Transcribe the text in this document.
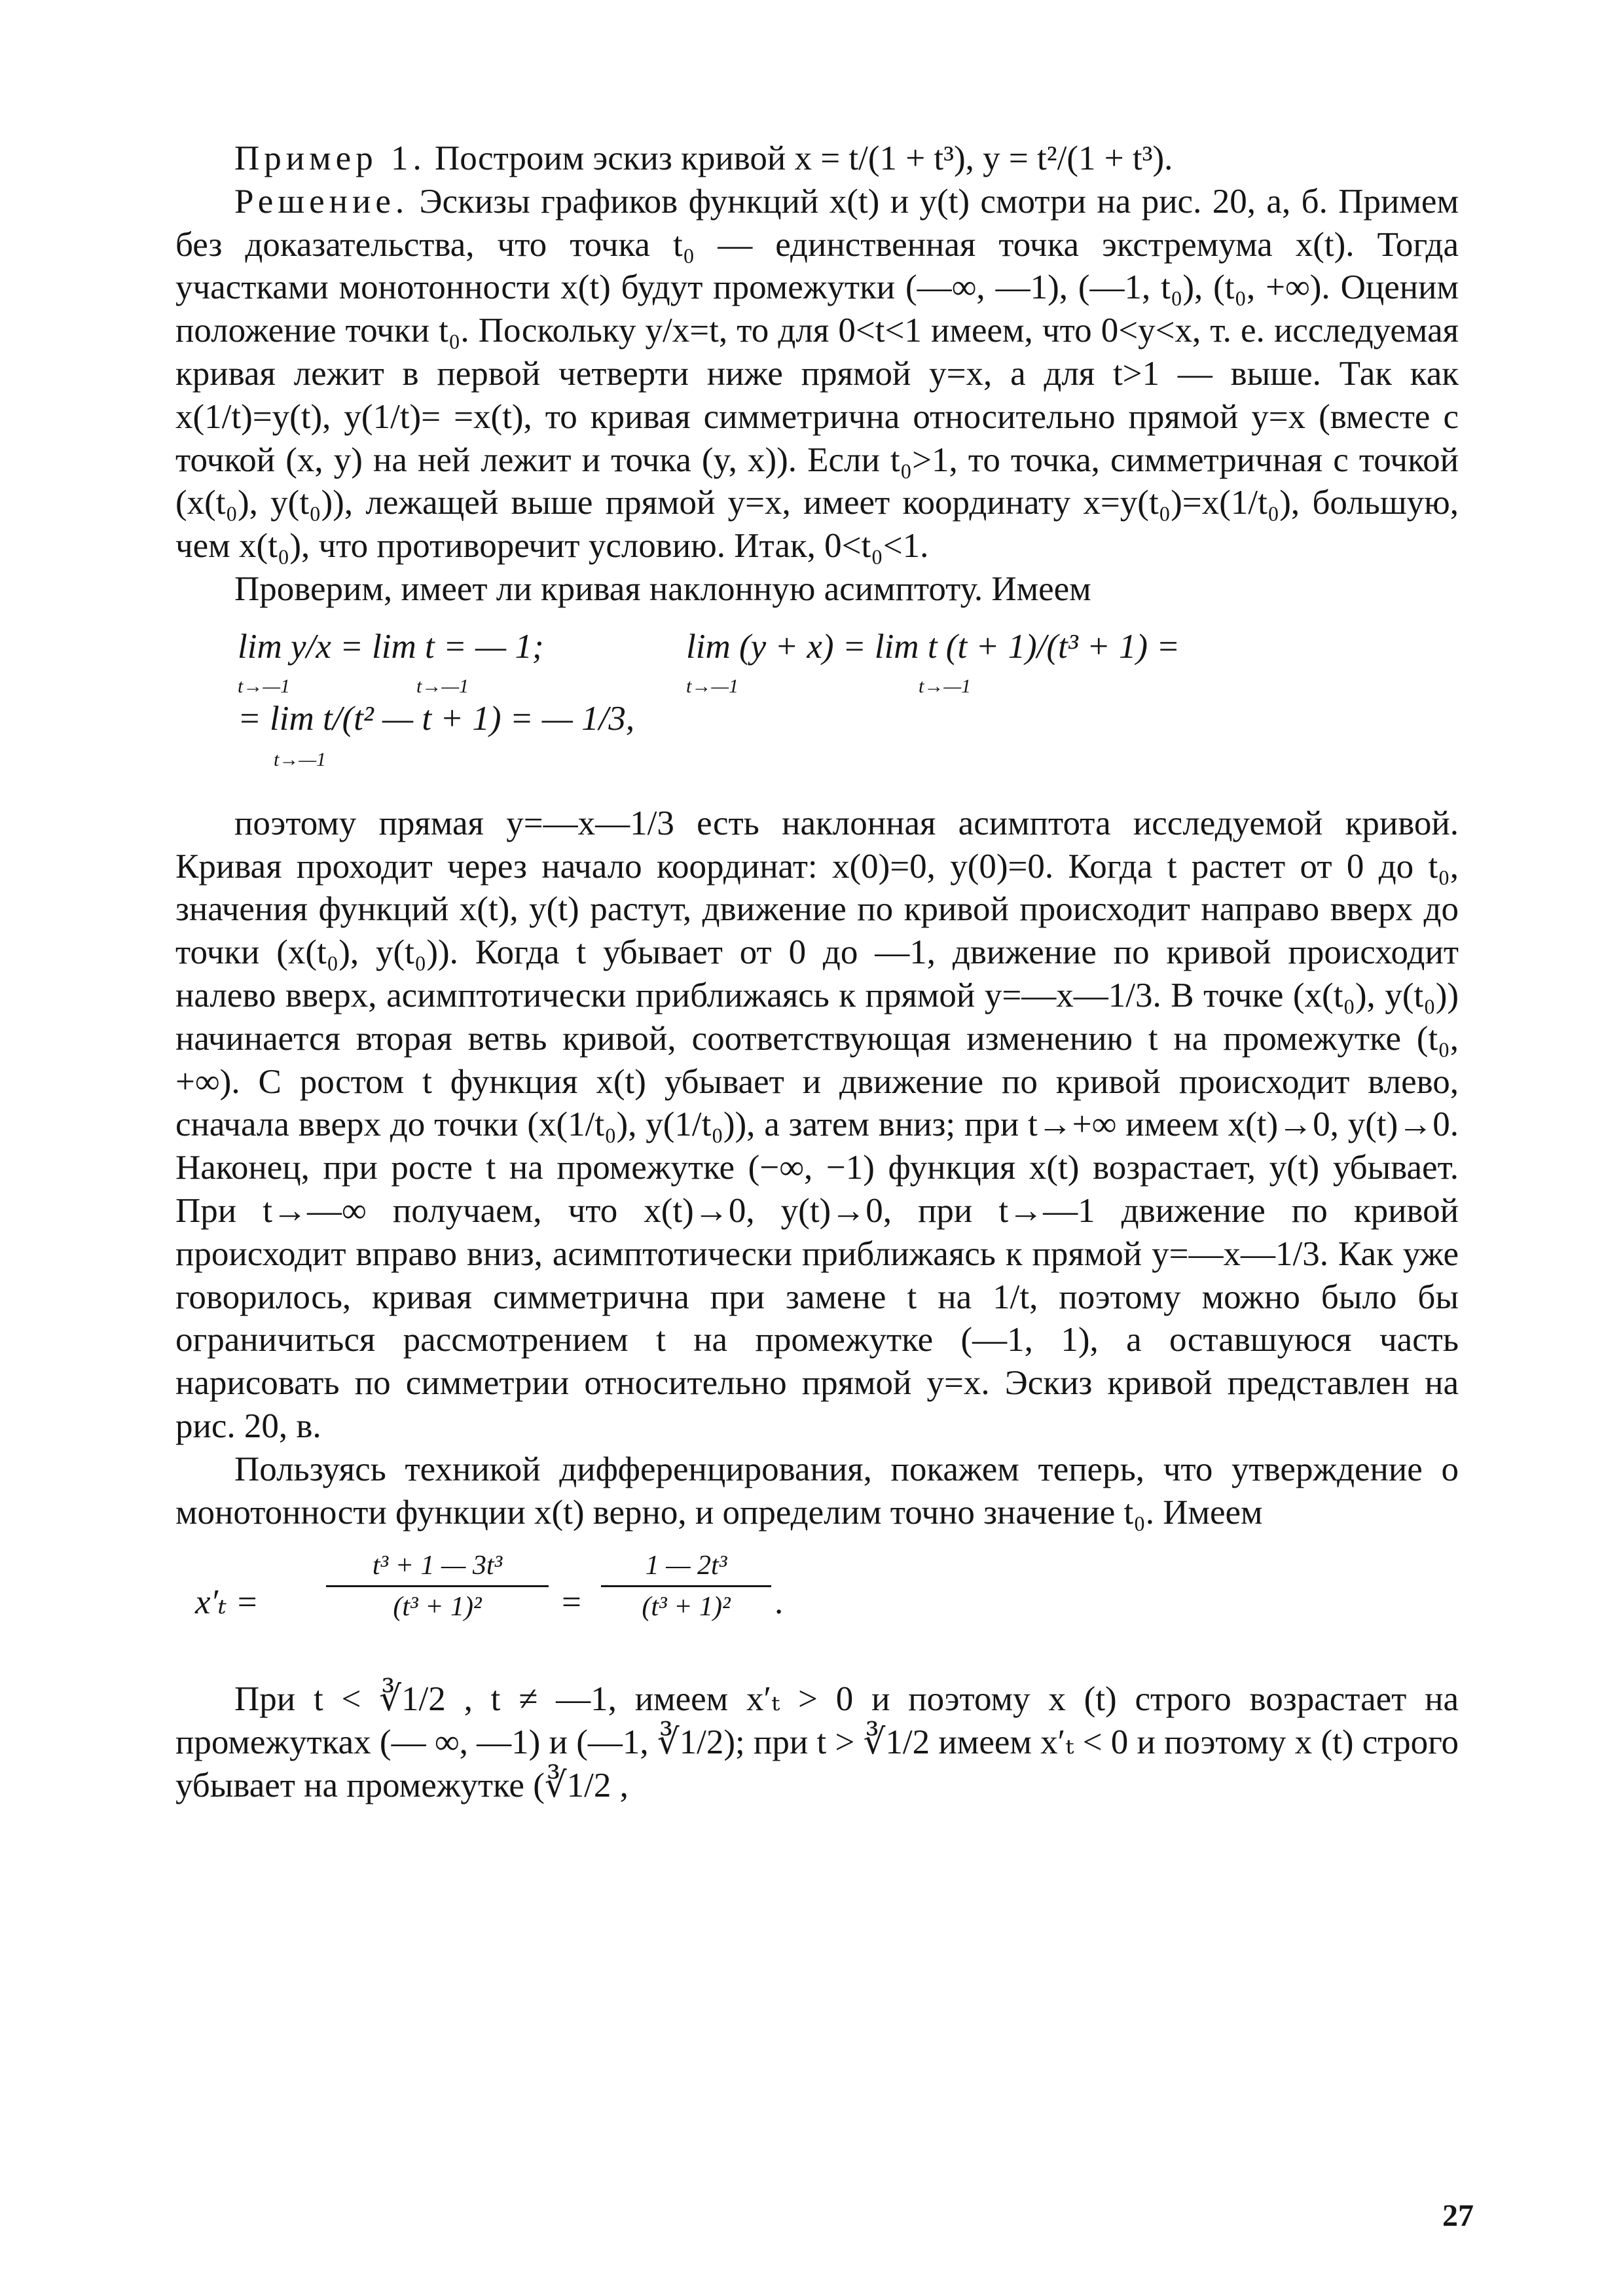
Пример 1. Построим эскиз кривой x = t/(1 + t³), y = t²/(1 + t³).

Решение. Эскизы графиков функций x(t) и y(t) смотри на рис. 20, а, б. Примем без доказательства, что точка t₀ — единственная точка экстремума x(t). Тогда участками монотонности x(t) будут промежутки (—∞, —1), (—1, t₀), (t₀, +∞). Оценим положение точки t₀. Поскольку y/x=t, то для 0<t<1 имеем, что 0<y<x, т. е. исследуемая кривая лежит в первой четверти ниже прямой y=x, а для t>1 — выше. Так как x(1/t)=y(t), y(1/t)= =x(t), то кривая симметрична относительно прямой y=x (вместе с точкой (x, y) на ней лежит и точка (y, x)). Если t₀>1, то точка, симметричная с точкой (x(t₀), y(t₀)), лежащей выше прямой y=x, имеет координату x=y(t₀)=x(1/t₀), большую, чем x(t₀), что противоречит условию. Итак, 0<t₀<1.

Проверим, имеет ли кривая наклонную асимптоту. Имеем

lim y/x = lim t = — 1;	lim (y + x) = lim t (t + 1)/(t³ + 1) =
t→—1	t→—1	t→—1	t→—1
= lim t/(t² — t + 1) = — 1/3,
t→—1

поэтому прямая y=—x—1/3 есть наклонная асимптота исследуемой кривой. Кривая проходит через начало координат: x(0)=0, y(0)=0. Когда t растет от 0 до t₀, значения функций x(t), y(t) растут, движение по кривой происходит направо вверх до точки (x(t₀), y(t₀)). Когда t убывает от 0 до —1, движение по кривой происходит налево вверх, асимптотически приближаясь к прямой y=—x—1/3. В точке (x(t₀), y(t₀)) начинается вторая ветвь кривой, соответствующая изменению t на промежутке (t₀, +∞). С ростом t функция x(t) убывает и движение по кривой происходит влево, сначала вверх до точки (x(1/t₀), y(1/t₀)), а затем вниз; при t→+∞ имеем x(t)→0, y(t)→0. Наконец, при росте t на промежутке (−∞, −1) функция x(t) возрастает, y(t) убывает. При t→—∞ получаем, что x(t)→0, y(t)→0, при t→—1 движение по кривой происходит вправо вниз, асимптотически приближаясь к прямой y=—x—1/3. Как уже говорилось, кривая симметрична при замене t на 1/t, поэтому можно было бы ограничиться рассмотрением t на промежутке (—1, 1), а оставшуюся часть нарисовать по симметрии относительно прямой y=x. Эскиз кривой представлен на рис. 20, в.

Пользуясь техникой дифференцирования, покажем теперь, что утверждение о монотонности функции x(t) верно, и определим точно значение t₀. Имеем

x′ₜ =
t³ + 1 — 3t³
(t³ + 1)²	=
1 — 2t³
(t³ + 1)²	.

При t < ∛1/2 , t ≠ —1, имеем x′ₜ > 0 и поэтому x (t) строго возрастает на промежутках (— ∞, —1) и (—1, ∛1/2); при t > ∛1/2 имеем x′ₜ < 0 и поэтому x (t) строго убывает на промежутке (∛1/2 ,

27
